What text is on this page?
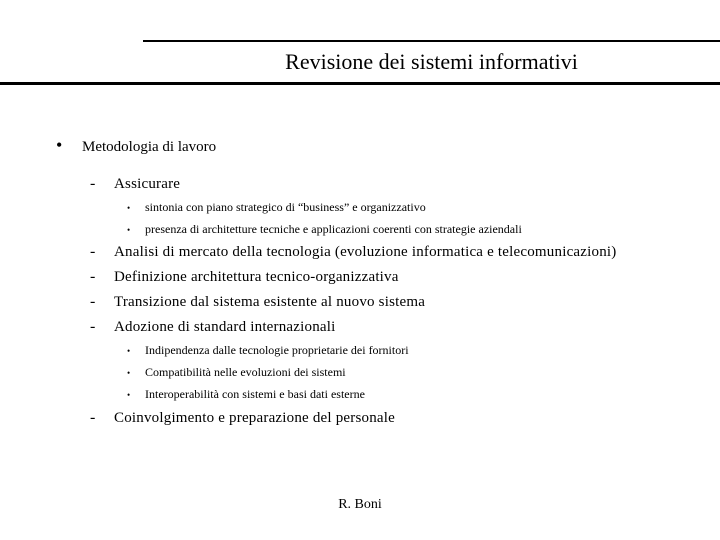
Revisione dei sistemi informativi
• Metodologia di lavoro
- Assicurare
• sintonia con piano strategico di “business” e organizzativo
• presenza di architetture tecniche e applicazioni coerenti con strategie aziendali
- Analisi di mercato della tecnologia (evoluzione informatica e telecomunicazioni)
- Definizione architettura tecnico-organizzativa
- Transizione dal sistema esistente al nuovo sistema
- Adozione di standard internazionali
• Indipendenza dalle tecnologie proprietarie dei fornitori
• Compatibilità nelle evoluzioni dei sistemi
• Interoperabilità con sistemi e basi dati esterne
- Coinvolgimento e preparazione del personale
R. Boni
